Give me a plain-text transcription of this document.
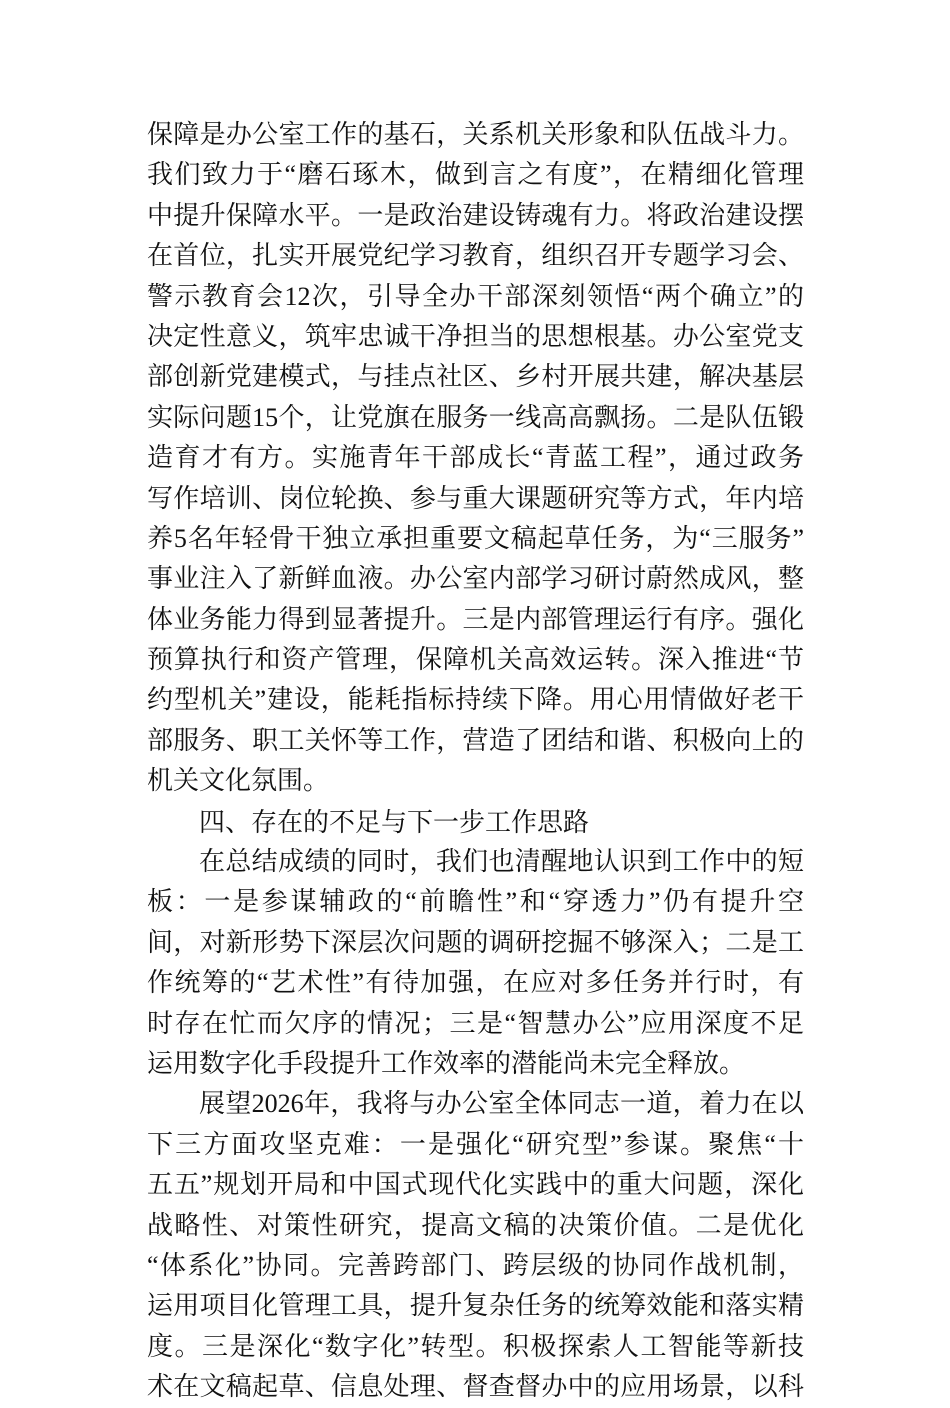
保障是办公室工作的基石，关系机关形象和队伍战斗力。
我们致力于“磨石琢木，做到言之有度”，在精细化管理
中提升保障水平。一是政治建设铸魂有力。将政治建设摆
在首位，扎实开展党纪学习教育，组织召开专题学习会、
警示教育会12次，引导全办干部深刻领悟“两个确立”的
决定性意义，筑牢忠诚干净担当的思想根基。办公室党支
部创新党建模式，与挂点社区、乡村开展共建，解决基层
实际问题15个，让党旗在服务一线高高飘扬。二是队伍锻
造育才有方。实施青年干部成长“青蓝工程”，通过政务
写作培训、岗位轮换、参与重大课题研究等方式，年内培
养5名年轻骨干独立承担重要文稿起草任务，为“三服务”
事业注入了新鲜血液。办公室内部学习研讨蔚然成风，整
体业务能力得到显著提升。三是内部管理运行有序。强化
预算执行和资产管理，保障机关高效运转。深入推进“节
约型机关”建设，能耗指标持续下降。用心用情做好老干
部服务、职工关怀等工作，营造了团结和谐、积极向上的
机关文化氛围。
四、存在的不足与下一步工作思路
在总结成绩的同时，我们也清醒地认识到工作中的短
板：一是参谋辅政的“前瞻性”和“穿透力”仍有提升空
间，对新形势下深层次问题的调研挖掘不够深入；二是工
作统筹的“艺术性”有待加强，在应对多任务并行时，有
时存在忙而欠序的情况；三是“智慧办公”应用深度不足
运用数字化手段提升工作效率的潜能尚未完全释放。
展望2026年，我将与办公室全体同志一道，着力在以
下三方面攻坚克难：一是强化“研究型”参谋。聚焦“十
五五”规划开局和中国式现代化实践中的重大问题，深化
战略性、对策性研究，提高文稿的决策价值。二是优化
“体系化”协同。完善跨部门、跨层级的协同作战机制，
运用项目化管理工具，提升复杂任务的统筹效能和落实精
度。三是深化“数字化”转型。积极探索人工智能等新技
术在文稿起草、信息处理、督查督办中的应用场景，以科
